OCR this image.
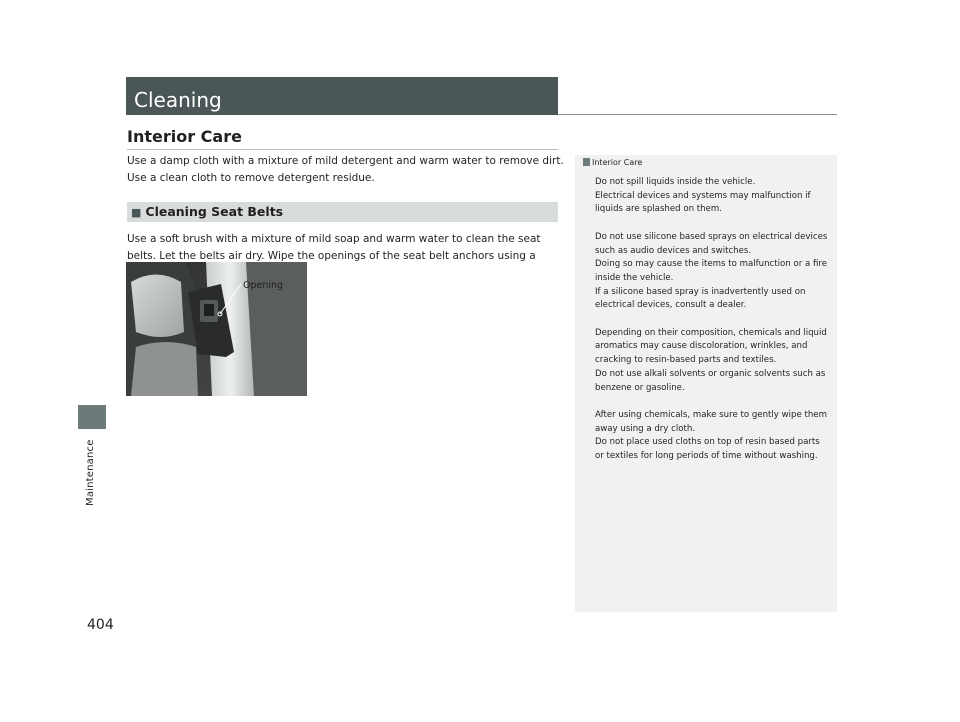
Maintenance
404
Cleaning
Interior Care
Use a damp cloth with a mixture of mild detergent and warm water to remove dirt. Use a clean cloth to remove detergent residue.
■ Cleaning Seat Belts
Use a soft brush with a mixture of mild soap and warm water to clean the seat belts. Let the belts air dry. Wipe the openings of the seat belt anchors using a
Opening
Interior Care

Do not spill liquids inside the vehicle.
Electrical devices and systems may malfunction if liquids are splashed on them.

Do not use silicone based sprays on electrical devices such as audio devices and switches.
Doing so may cause the items to malfunction or a fire inside the vehicle.
If a silicone based spray is inadvertently used on electrical devices, consult a dealer.

Depending on their composition, chemicals and liquid aromatics may cause discoloration, wrinkles, and cracking to resin-based parts and textiles.
Do not use alkali solvents or organic solvents such as benzene or gasoline.

After using chemicals, make sure to gently wipe them away using a dry cloth.
Do not place used cloths on top of resin based parts or textiles for long periods of time without washing.
